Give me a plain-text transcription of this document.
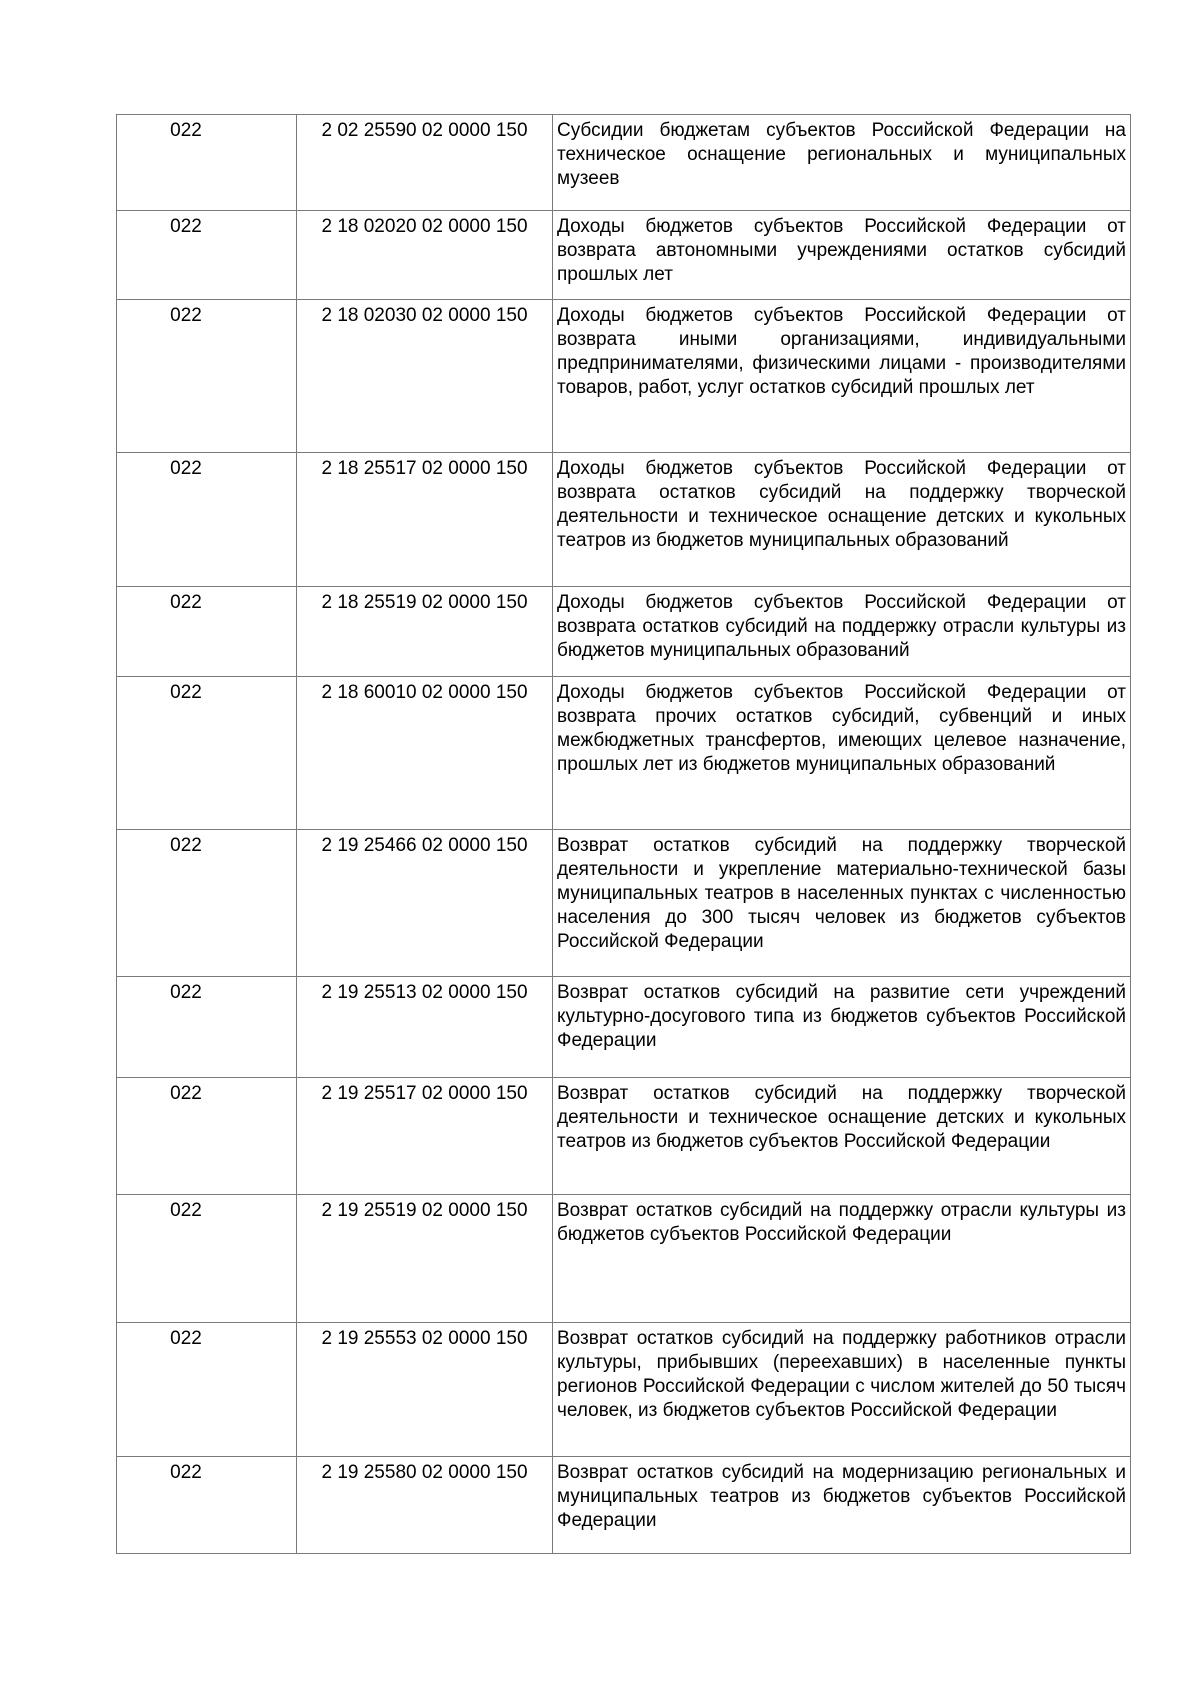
022	2 02 25590 02 0000 150	Субсидии бюджетам субъектов Российской Федерации на техническое оснащение региональных и муниципальных музеев
022	2 18 02020 02 0000 150	Доходы бюджетов субъектов Российской Федерации от возврата автономными учреждениями остатков субсидий прошлых лет
022	2 18 02030 02 0000 150	Доходы бюджетов субъектов Российской Федерации от возврата иными организациями, индивидуальными предпринимателями, физическими лицами - производителями товаров, работ, услуг остатков субсидий прошлых лет
022	2 18 25517 02 0000 150	Доходы бюджетов субъектов Российской Федерации от возврата остатков субсидий на поддержку творческой деятельности и техническое оснащение детских и кукольных театров из бюджетов муниципальных образований
022	2 18 25519 02 0000 150	Доходы бюджетов субъектов Российской Федерации от возврата остатков субсидий на поддержку отрасли культуры из бюджетов муниципальных образований
022	2 18 60010 02 0000 150	Доходы бюджетов субъектов Российской Федерации от возврата прочих остатков субсидий, субвенций и иных межбюджетных трансфертов, имеющих целевое назначение, прошлых лет из бюджетов муниципальных образований
022	2 19 25466 02 0000 150	Возврат остатков субсидий на поддержку творческой деятельности и укрепление материально-технической базы муниципальных театров в населенных пунктах с численностью населения до 300 тысяч человек из бюджетов субъектов Российской Федерации
022	2 19 25513 02 0000 150	Возврат остатков субсидий на развитие сети учреждений культурно-досугового типа из бюджетов субъектов Российской Федерации
022	2 19 25517 02 0000 150	Возврат остатков субсидий на поддержку творческой деятельности и техническое оснащение детских и кукольных театров из бюджетов субъектов Российской Федерации
022	2 19 25519 02 0000 150	Возврат остатков субсидий на поддержку отрасли культуры из бюджетов субъектов Российской Федерации
022	2 19 25553 02 0000 150	Возврат остатков субсидий на поддержку работников отрасли культуры, прибывших (переехавших) в населенные пункты регионов Российской Федерации с числом жителей до 50 тысяч человек, из бюджетов субъектов Российской Федерации
022	2 19 25580 02 0000 150	Возврат остатков субсидий на модернизацию региональных и муниципальных театров из бюджетов субъектов Российской Федерации
